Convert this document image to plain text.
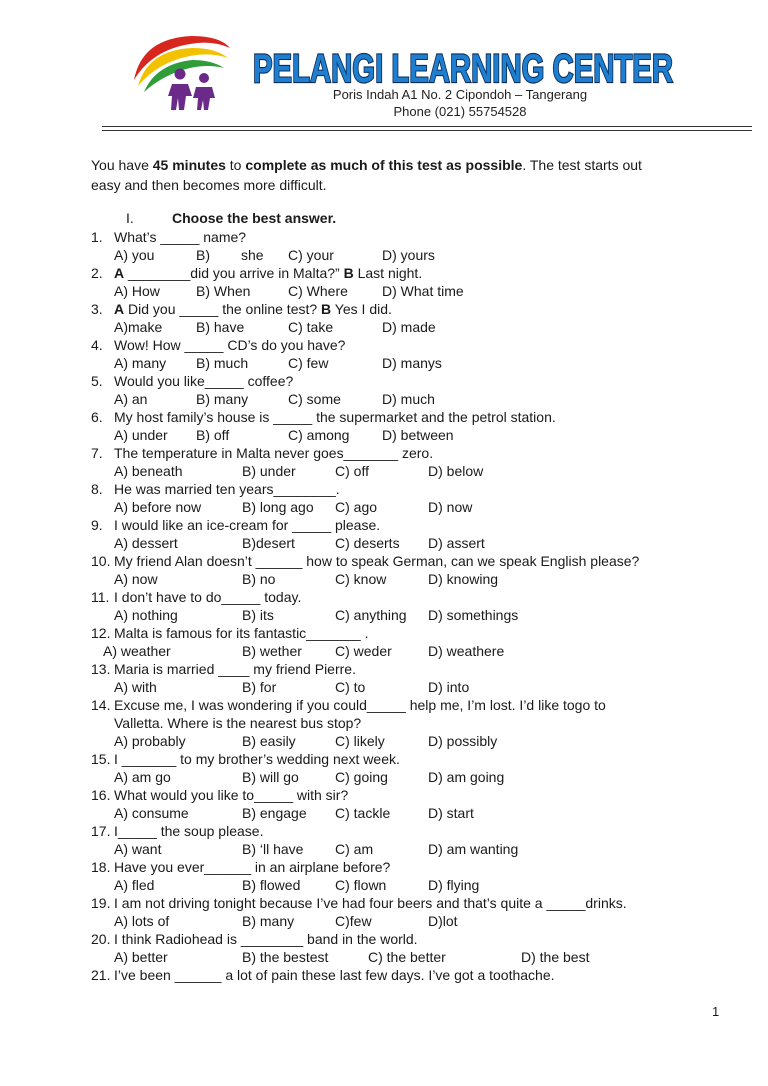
PELANGI LEARNING CENTER
Poris Indah A1 No. 2 Cipondoh – Tangerang
Phone (021) 55754528
You have 45 minutes to complete as much of this test as possible. The test starts out
easy and then becomes more difficult.
I.	Choose the best answer.
1. What’s _____ name?
A) you	B) she C) your	D) yours
2. A ________did you arrive in Malta?” B Last night.
A) How	B) When	C) Where D) What time
3. A Did you _____ the online test? B Yes I did.
A)make B) have	C) take	D) made
4. Wow! How _____ CD’s do you have?
A) many B) much	C) few	D) manys
5. Would you like_____ coffee?
A) an	B) many	C) some	D) much
6. My host family’s house is _____ the supermarket and the petrol station.
A) under B) off	C) among D) between
7. The temperature in Malta never goes_______ zero.
A) beneath	B) under	C) off	D) below
8. He was married ten years________.
A) before now	B) long ago C) ago	D) now
9. I would like an ice-cream for _____ please.
A) dessert	B)desert	C) deserts D) assert
10. My friend Alan doesn’t ______ how to speak German, can we speak English please?
A) now	B) no	C) know	D) knowing
11. I don’t have to do_____ today.
A) nothing	B) its	C) anything D) somethings
12. Malta is famous for its fantastic_______ .
A) weather	B) wether C) weder	D) weathere
13. Maria is married ____ my friend Pierre.
A) with	B) for	C) to	D) into
14. Excuse me, I was wondering if you could_____ help me, I’m lost. I’d like togo to
Valletta. Where is the nearest bus stop?
A) probably	B) easily	C) likely	D) possibly
15. I _______ to my brother’s wedding next week.
A) am go	B) will go	C) going	D) am going
16. What would you like to_____ with sir?
A) consume	B) engage C) tackle	D) start
17. I_____ the soup please.
A) want	B) ‘ll have C) am	D) am wanting
18. Have you ever______ in an airplane before?
A) fled	B) flowed C) flown	D) flying
19. I am not driving tonight because I’ve had four beers and that’s quite a _____drinks.
A) lots of	B) many	C)few	D)lot
20. I think Radiohead is ________ band in the world.
A) better	B) the bestest	C) the better	D) the best
21. I’ve been ______ a lot of pain these last few days. I’ve got a toothache.
1
